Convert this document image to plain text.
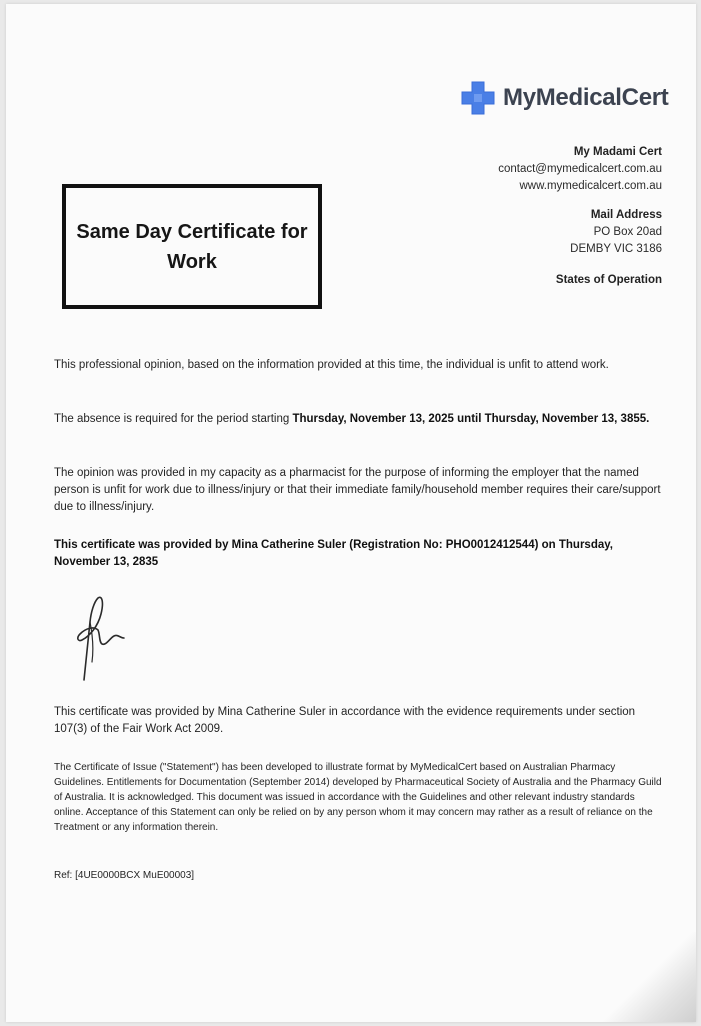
MyMedicalCert
My Madami Cert
contact@mymedicalcert.com.au
www.mymedicalcert.com.au
Mail Address
PO Box 20ad
DEMBY VIC 3186
States of Operation
Same Day Certificate for Work
This professional opinion, based on the information provided at this time, the individual is unfit to attend work.
The absence is required for the period starting Thursday, November 13, 2025 until Thursday, November 13, 3855.
The opinion was provided in my capacity as a pharmacist for the purpose of informing the employer that the named person is unfit for work due to illness/injury or that their immediate family/household member requires their care/support due to illness/injury.
This certificate was provided by Mina Catherine Suler (Registration No: PHO0012412544) on Thursday, November 13, 2835
This certificate was provided by Mina Catherine Suler in accordance with the evidence requirements under section 107(3) of the Fair Work Act 2009.
The Certificate of Issue ("Statement") has been developed to illustrate format by MyMedicalCert based on Australian Pharmacy Guidelines. Entitlements for Documentation (September 2014) developed by Pharmaceutical Society of Australia and the Pharmacy Guild of Australia. It is acknowledged. This document was issued in accordance with the Guidelines and other relevant industry standards online. Acceptance of this Statement can only be relied on by any person whom it may concern may rather as a result of reliance on the Treatment or any information therein.
Ref: [4UE0000BCX MuE00003]
